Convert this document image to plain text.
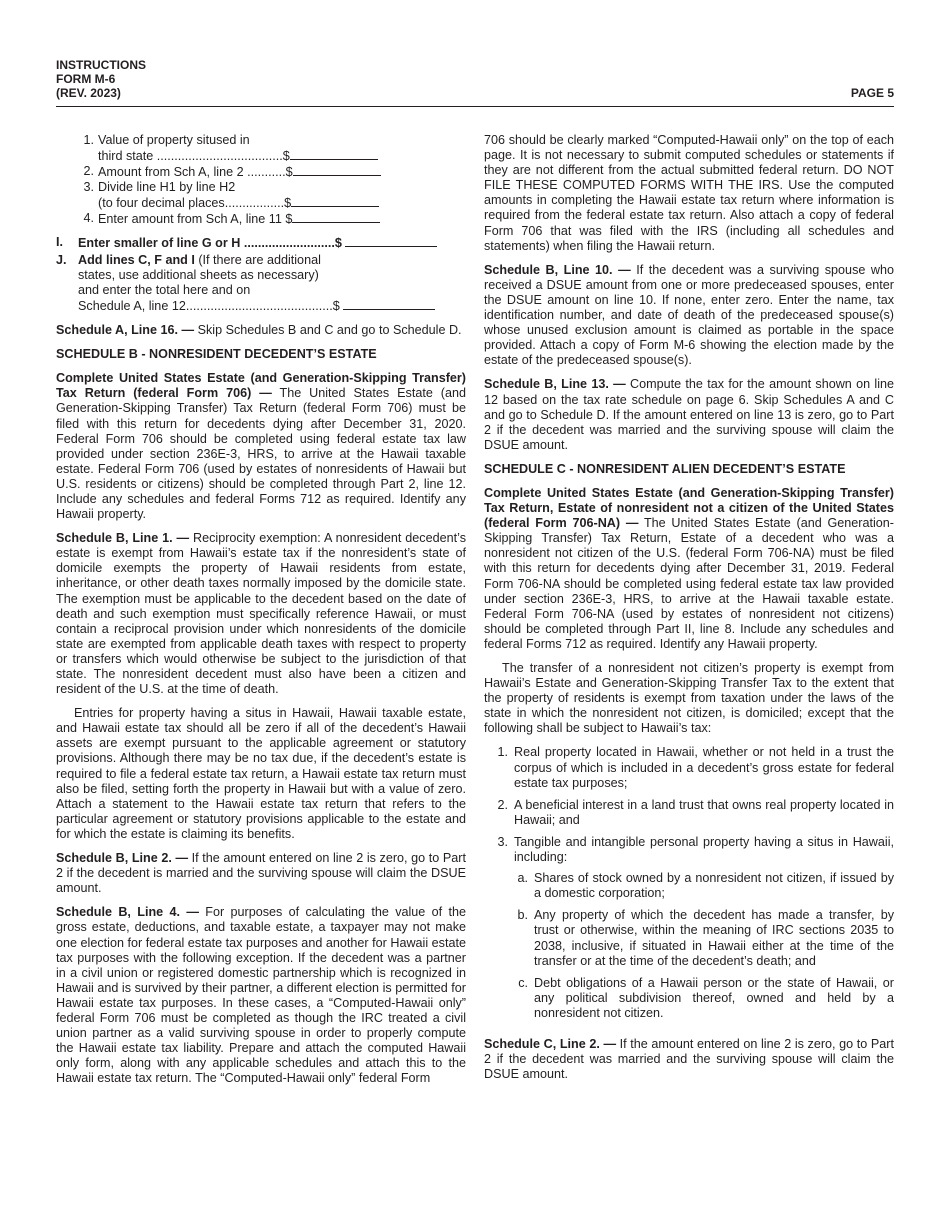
INSTRUCTIONS
FORM M-6
(REV. 2023)	PAGE 5
1. Value of property sitused in
third state ....................................$
2. Amount from Sch A, line 2 ...........$
3. Divide line H1 by line H2
(to four decimal places.................$
4. Enter amount from Sch A, line 11 $
I.	Enter smaller of line G or H ..........................$
J. Add lines C, F and I (If there are additional
states, use additional sheets as necessary)
and enter the total here and on
Schedule A, line 12..........................................$

Schedule A, Line 16. — Skip Schedules B and C and go to Schedule D.

SCHEDULE B - NONRESIDENT DECEDENT’S ESTATE

Complete United States Estate (and Generation-Skipping Transfer) Tax Return (federal Form 706) — The United States Estate (and Generation-Skipping Transfer) Tax Return (federal Form 706) must be filed with this return for decedents dying after December 31, 2020. Federal Form 706 should be completed using federal estate tax law provided under section 236E-3, HRS, to arrive at the Hawaii taxable estate. Federal Form 706 (used by estates of nonresidents of Hawaii but U.S. residents or citizens) should be completed through Part 2, line 12. Include any schedules and federal Forms 712 as required. Identify any Hawaii property.

Schedule B, Line 1. — Reciprocity exemption: A nonresident decedent’s estate is exempt from Hawaii’s estate tax if the nonresident’s state of domicile exempts the property of Hawaii residents from estate, inheritance, or other death taxes normally imposed by the domicile state. The exemption must be applicable to the decedent based on the date of death and such exemption must specifically reference Hawaii, or must contain a reciprocal provision under which nonresidents of the domicile state are exempted from applicable death taxes with respect to property or transfers which would otherwise be subject to the jurisdiction of that state. The nonresident decedent must also have been a citizen and resident of the U.S. at the time of death.

Entries for property having a situs in Hawaii, Hawaii taxable estate, and Hawaii estate tax should all be zero if all of the decedent’s Hawaii assets are exempt pursuant to the applicable agreement or statutory provisions. Although there may be no tax due, if the decedent’s estate is required to file a federal estate tax return, a Hawaii estate tax return must also be filed, setting forth the property in Hawaii but with a value of zero. Attach a statement to the Hawaii estate tax return that refers to the particular agreement or statutory provisions applicable to the estate and for which the estate is claiming its benefits.

Schedule B, Line 2. — If the amount entered on line 2 is zero, go to Part 2 if the decedent is married and the surviving spouse will claim the DSUE amount.

Schedule B, Line 4. — For purposes of calculating the value of the gross estate, deductions, and taxable estate, a taxpayer may not make one election for federal estate tax purposes and another for Hawaii estate tax purposes with the following exception. If the decedent was a partner in a civil union or registered domestic partnership which is recognized in Hawaii and is survived by their partner, a different election is permitted for Hawaii estate tax purposes. In these cases, a “Computed-Hawaii only” federal Form 706 must be completed as though the IRC treated a civil union partner as a valid surviving spouse in order to properly compute the Hawaii estate tax liability. Prepare and attach the computed Hawaii only form, along with any applicable schedules and attach this to the Hawaii estate tax return. The “Computed-Hawaii only” federal Form

706 should be clearly marked “Computed-Hawaii only” on the top of each page. It is not necessary to submit computed schedules or statements if they are not different from the actual submitted federal return. DO NOT FILE THESE COMPUTED FORMS WITH THE IRS. Use the computed amounts in completing the Hawaii estate tax return where information is required from the federal estate tax return. Also attach a copy of federal Form 706 that was filed with the IRS (including all schedules and statements) when filing the Hawaii return.

Schedule B, Line 10. — If the decedent was a surviving spouse who received a DSUE amount from one or more predeceased spouses, enter the DSUE amount on line 10. If none, enter zero. Enter the name, tax identification number, and date of death of the predeceased spouse(s) whose unused exclusion amount is claimed as portable in the space provided. Attach a copy of Form M-6 showing the election made by the estate of the predeceased spouse(s).

Schedule B, Line 13. — Compute the tax for the amount shown on line 12 based on the tax rate schedule on page 6. Skip Schedules A and C and go to Schedule D. If the amount entered on line 13 is zero, go to Part 2 if the decedent was married and the surviving spouse will claim the DSUE amount.

SCHEDULE C - NONRESIDENT ALIEN DECEDENT’S ESTATE

Complete United States Estate (and Generation-Skipping Transfer) Tax Return, Estate of nonresident not a citizen of the United States (federal Form 706-NA) — The United States Estate (and Generation-Skipping Transfer) Tax Return, Estate of a decedent who was a nonresident not citizen of the U.S. (federal Form 706-NA) must be filed with this return for decedents dying after December 31, 2019. Federal Form 706-NA should be completed using federal estate tax law provided under section 236E-3, HRS, to arrive at the Hawaii taxable estate. Federal Form 706-NA (used by estates of nonresident not citizens) should be completed through Part II, line 8. Include any schedules and federal Forms 712 as required. Identify any Hawaii property.

The transfer of a nonresident not citizen’s property is exempt from Hawaii’s Estate and Generation-Skipping Transfer Tax to the extent that the property of residents is exempt from taxation under the laws of the state in which the nonresident not citizen, is domiciled; except that the following shall be subject to Hawaii’s tax:

1. Real property located in Hawaii, whether or not held in a trust the corpus of which is included in a decedent’s gross estate for federal estate tax purposes;
2. A beneficial interest in a land trust that owns real property located in Hawaii; and
3. Tangible and intangible personal property having a situs in Hawaii, including:
a. Shares of stock owned by a nonresident not citizen, if issued by a domestic corporation;
b. Any property of which the decedent has made a transfer, by trust or otherwise, within the meaning of IRC sections 2035 to 2038, inclusive, if situated in Hawaii either at the time of the transfer or at the time of the decedent’s death; and
c. Debt obligations of a Hawaii person or the state of Hawaii, or any political subdivision thereof, owned and held by a nonresident not citizen.

Schedule C, Line 2. — If the amount entered on line 2 is zero, go to Part 2 if the decedent was married and the surviving spouse will claim the DSUE amount.
